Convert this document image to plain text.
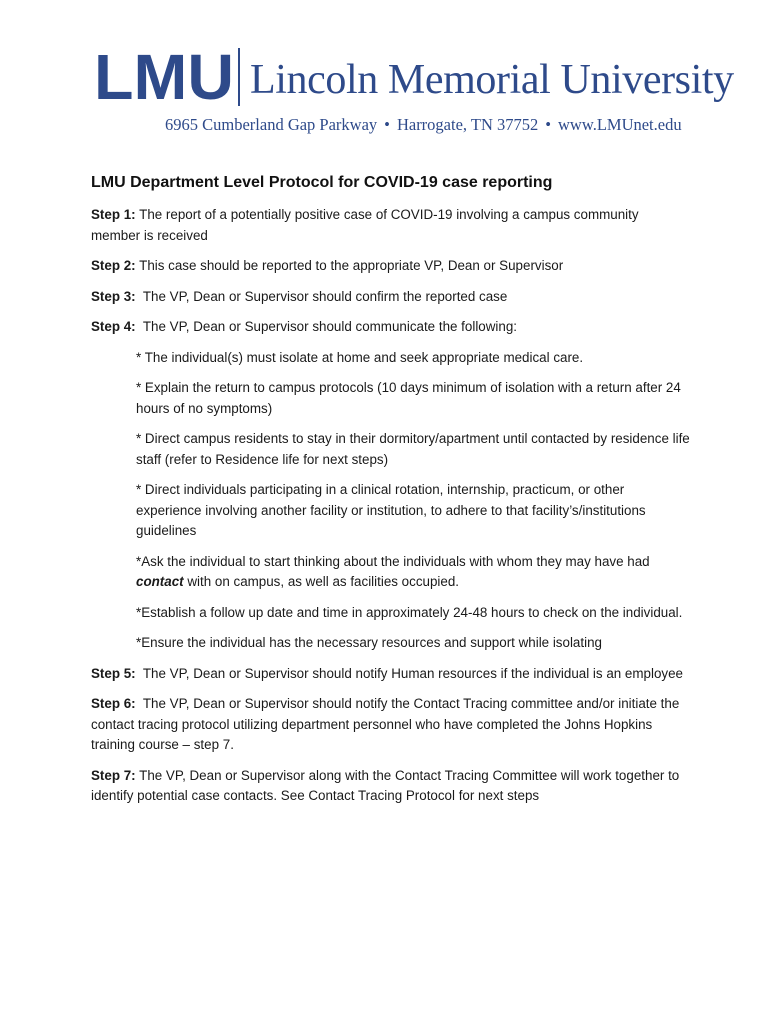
LMU Lincoln Memorial University
6965 Cumberland Gap Parkway • Harrogate, TN 37752 • www.LMUnet.edu
LMU Department Level Protocol for COVID-19 case reporting

Step 1: The report of a potentially positive case of COVID-19 involving a campus community member is received

Step 2: This case should be reported to the appropriate VP, Dean or Supervisor

Step 3: The VP, Dean or Supervisor should confirm the reported case

Step 4: The VP, Dean or Supervisor should communicate the following:

* The individual(s) must isolate at home and seek appropriate medical care.

* Explain the return to campus protocols (10 days minimum of isolation with a return after 24 hours of no symptoms)

* Direct campus residents to stay in their dormitory/apartment until contacted by residence life staff (refer to Residence life for next steps)

* Direct individuals participating in a clinical rotation, internship, practicum, or other experience involving another facility or institution, to adhere to that facility’s/institutions guidelines

*Ask the individual to start thinking about the individuals with whom they may have had contact with on campus, as well as facilities occupied.

*Establish a follow up date and time in approximately 24-48 hours to check on the individual.

*Ensure the individual has the necessary resources and support while isolating

Step 5: The VP, Dean or Supervisor should notify Human resources if the individual is an employee

Step 6: The VP, Dean or Supervisor should notify the Contact Tracing committee and/or initiate the contact tracing protocol utilizing department personnel who have completed the Johns Hopkins training course – step 7.

Step 7: The VP, Dean or Supervisor along with the Contact Tracing Committee will work together to identify potential case contacts. See Contact Tracing Protocol for next steps
